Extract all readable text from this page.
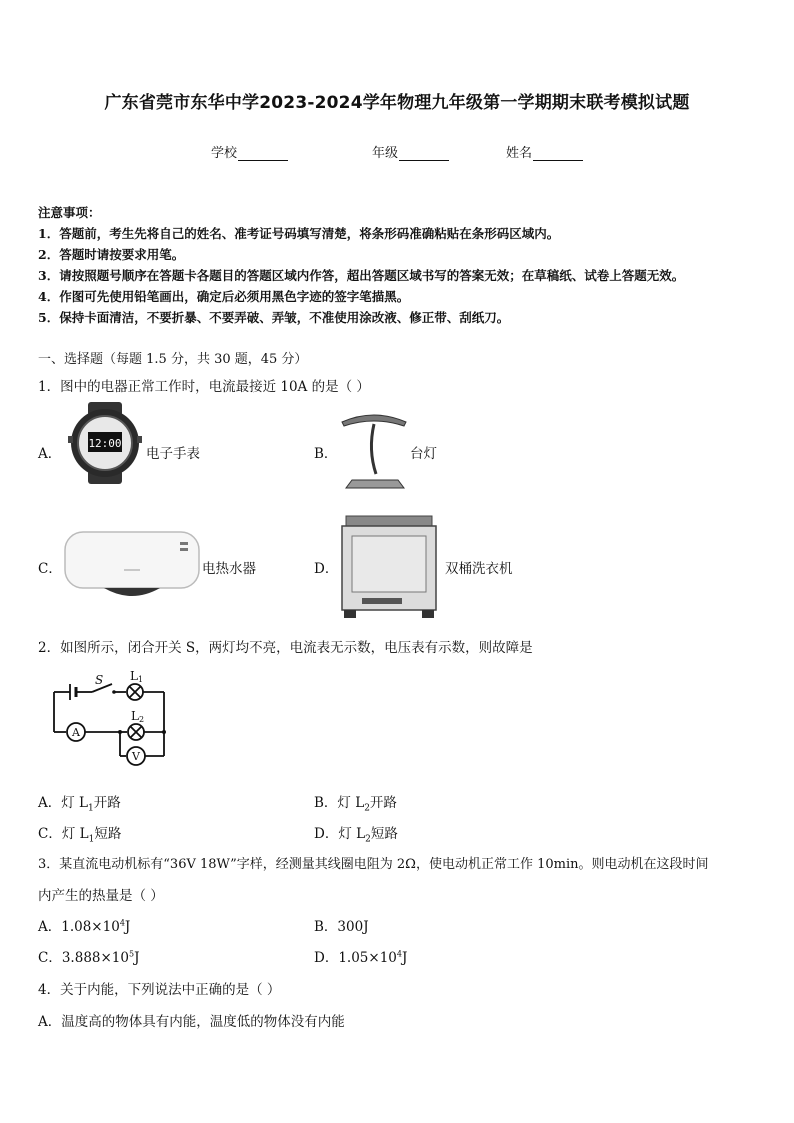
广东省莞市东华中学2023-2024学年物理九年级第一学期期末联考模拟试题
学校	年级	姓名
注意事项：
1．答题前，考生先将自己的姓名、准考证号码填写清楚，将条形码准确粘贴在条形码区域内。
2．答题时请按要求用笔。
3．请按照题号顺序在答题卡各题目的答题区域内作答，超出答题区域书写的答案无效；在草稿纸、试卷上答题无效。
4．作图可先使用铅笔画出，确定后必须用黑色字迹的签字笔描黑。
5．保持卡面清洁，不要折暴、不要弄破、弄皱，不准使用涂改液、修正带、刮纸刀。
一、选择题（每题 1.5 分，共 30 题，45 分）
1．图中的电器正常工作时，电流最接近 10A 的是（ ）
A．
12:00
电子手表	B．	台灯
C．	电热水器	D．	双桶洗衣机
2．如图所示，闭合开关 S，两灯均不亮，电流表无示数，电压表有示数，则故障是
S L 1
L 2
A
V
A．灯 $L_1$开路	B．灯 $L_2$开路
C．灯 $L_1$短路	D．灯 $L_2$短路
3．某直流电动机标有“36V 18W”字样，经测量其线圈电阻为 2Ω，使电动机正常工作 10min。则电动机在这段时间
内产生的热量是（ ）
A．$1.08\times 10^4J$	B．300J
C．$3.888\times 10^5J$	D．$1.05\times 10^4J$
4．关于内能，下列说法中正确的是（ ）
A．温度高的物体具有内能，温度低的物体没有内能
